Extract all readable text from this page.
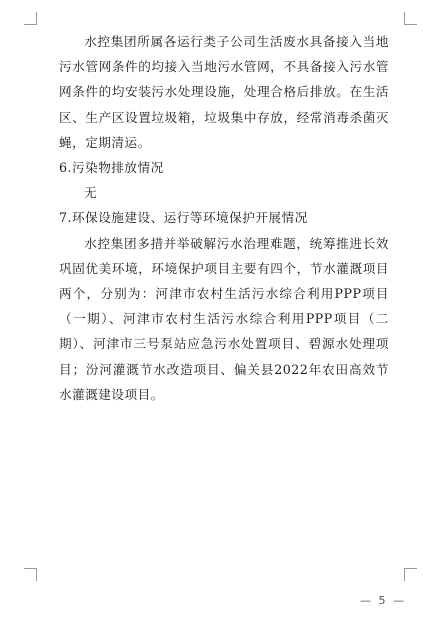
水控集团所属各运行类子公司生活废水具备接入当地污水管网条件的均接入当地污水管网，不具备接入污水管网条件的均安装污水处理设施，处理合格后排放。在生活区、生产区设置垃圾箱，垃圾集中存放，经常消毒杀菌灭蝇，定期清运。

6.污染物排放情况

无

7.环保设施建设、运行等环境保护开展情况

水控集团多措并举破解污水治理难题，统筹推进长效巩固优美环境，环境保护项目主要有四个，节水灌溉项目两个，分别为：河津市农村生活污水综合利用PPP项目（一期）、河津市农村生活污水综合利用PPP项目（二期）、河津市三号泵站应急污水处置项目、碧源水处理项目；汾河灌溉节水改造项目、偏关县2022年农田高效节水灌溉建设项目。

— 5 —
